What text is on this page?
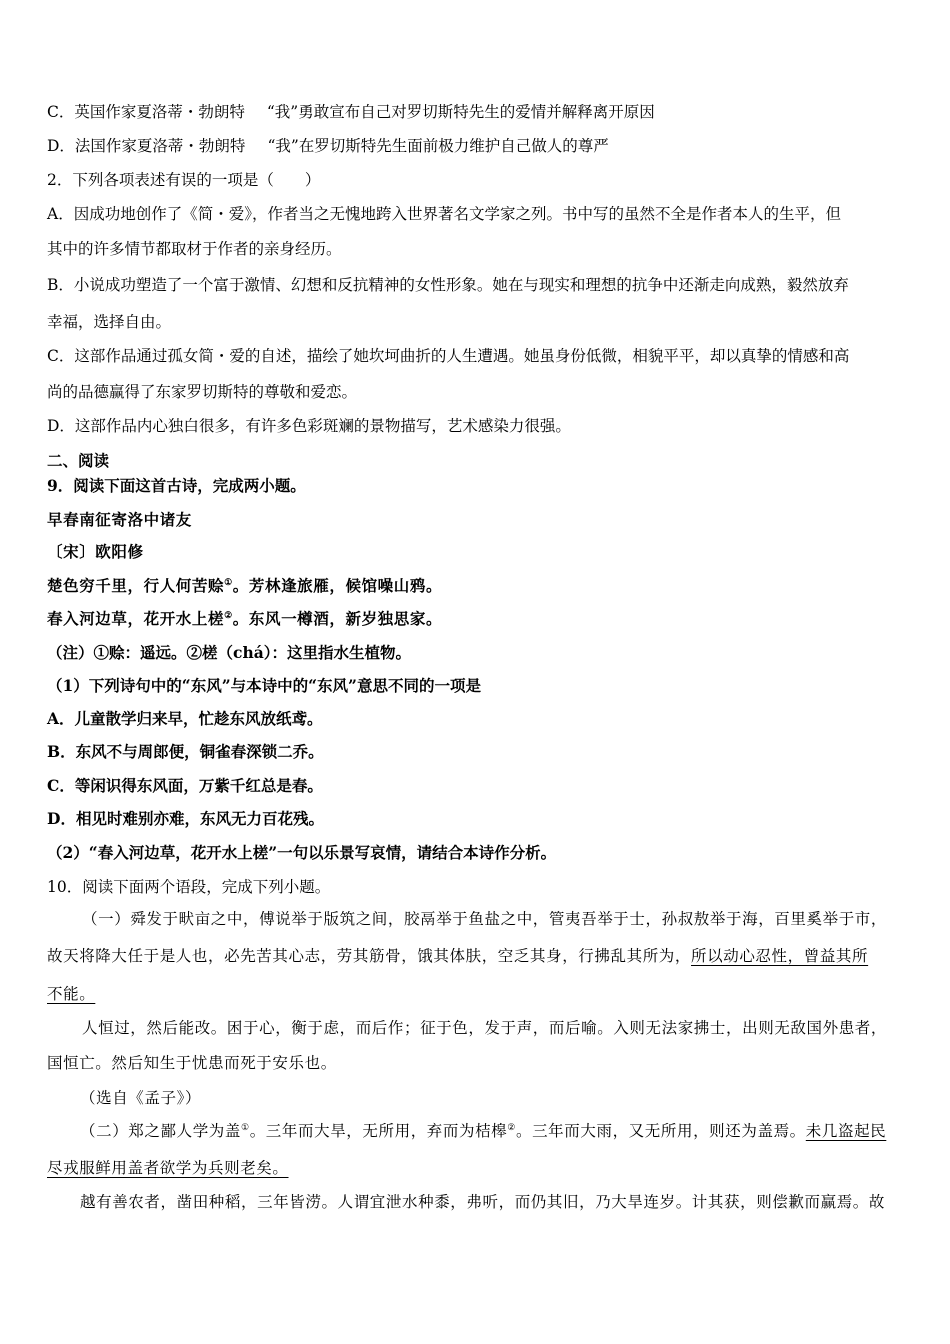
C．英国作家夏洛蒂・勃朗特 “我”勇敢宣布自己对罗切斯特先生的爱情并解释离开原因
D．法国作家夏洛蒂・勃朗特 “我”在罗切斯特先生面前极力维护自己做人的尊严
2．下列各项表述有误的一项是（　　）
A．因成功地创作了《简・爱》，作者当之无愧地跨入世界著名文学家之列。书中写的虽然不全是作者本人的生平，但
其中的许多情节都取材于作者的亲身经历。
B．小说成功塑造了一个富于激情、幻想和反抗精神的女性形象。她在与现实和理想的抗争中还渐走向成熟，毅然放弃
幸福，选择自由。
C．这部作品通过孤女简・爱的自述，描绘了她坎坷曲折的人生遭遇。她虽身份低微，相貌平平，却以真挚的情感和高
尚的品德赢得了东家罗切斯特的尊敬和爱恋。
D．这部作品内心独白很多，有许多色彩斑斓的景物描写，艺术感染力很强。
二、阅读
9．阅读下面这首古诗，完成两小题。
早春南征寄洛中诸友
〔宋〕欧阳修
楚色穷千里，行人何苦赊①。芳林逢旅雁，候馆噪山鸦。
春入河边草，花开水上槎②。东风一樽酒，新岁独思家。
（注）①赊：遥远。②槎（chá）：这里指水生植物。
（1）下列诗句中的“东风”与本诗中的“东风”意思不同的一项是
A．儿童散学归来早，忙趁东风放纸鸢。
B．东风不与周郎便，铜雀春深锁二乔。
C．等闲识得东风面，万紫千红总是春。
D．相见时难别亦难，东风无力百花残。
（2）“春入河边草，花开水上槎”一句以乐景写哀情，请结合本诗作分析。
10．阅读下面两个语段，完成下列小题。
（一）舜发于畎亩之中，傅说举于版筑之间，胶鬲举于鱼盐之中，管夷吾举于士，孙叔敖举于海，百里奚举于市，
故天将降大任于是人也，必先苦其心志，劳其筋骨，饿其体肤，空乏其身，行拂乱其所为，所以动心忍性，曾益其所
不能。
人恒过，然后能改。困于心，衡于虑，而后作；征于色，发于声，而后喻。入则无法家拂士，出则无敌国外患者，
国恒亡。然后知生于忧患而死于安乐也。
（选自《孟子》）
（二）郑之鄙人学为盖①。三年而大旱，无所用，弃而为桔槔②。三年而大雨，又无所用，则还为盖焉。未几盗起民
尽戎服鲜用盖者欲学为兵则老矣。
越有善农者，凿田种稻，三年皆涝。人谓宜泄水种黍，弗听，而仍其旧，乃大旱连岁。计其获，则偿歉而赢焉。故
